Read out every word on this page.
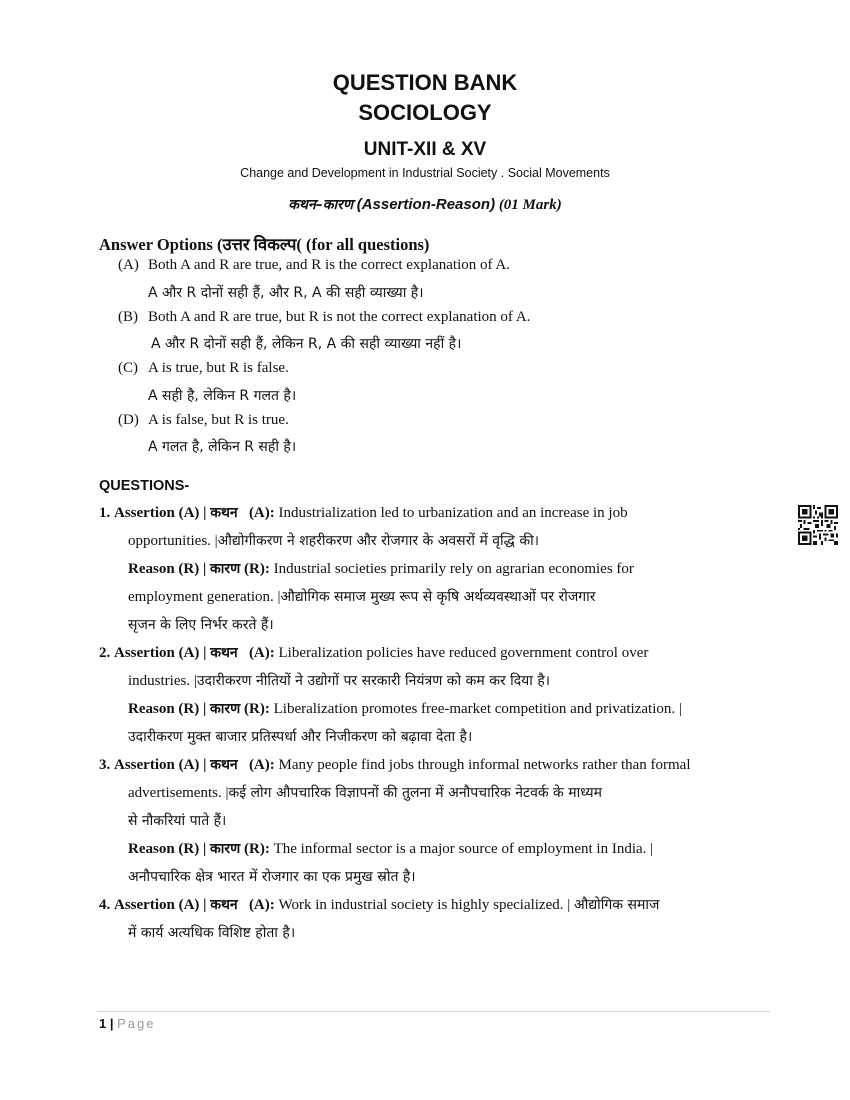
QUESTION BANK
SOCIOLOGY
UNIT-XII & XV
Change and Development in Industrial Society . Social Movements
कथन–कारण (Assertion-Reason) (01 Mark)
Answer Options (उत्तर विकल्प( (for all questions)
(A) Both A and R are true, and R is the correct explanation of A.
A और R दोनों सही हैं, और R, A की सही व्याख्या है।
(B) Both A and R are true, but R is not the correct explanation of A.
A और R दोनों सही हैं, लेकिन R, A की सही व्याख्या नहीं है।
(C) A is true, but R is false.
A सही है, लेकिन R गलत है।
(D) A is false, but R is true.
A गलत है, लेकिन R सही है।
QUESTIONS-
1. Assertion (A) | कथन (A): Industrialization led to urbanization and an increase in job
opportunities. |औद्योगीकरण ने शहरीकरण और रोजगार के अवसरों में वृद्धि की।
Reason (R) | कारण (R): Industrial societies primarily rely on agrarian economies for
employment generation. |औद्योगिक समाज मुख्य रूप से कृषि अर्थव्यवस्थाओं पर रोजगार
सृजन के लिए निर्भर करते हैं।
2. Assertion (A) | कथन (A): Liberalization policies have reduced government control over
industries. |उदारीकरण नीतियों ने उद्योगों पर सरकारी नियंत्रण को कम कर दिया है।
Reason (R) | कारण (R): Liberalization promotes free-market competition and privatization. |
उदारीकरण मुक्त बाजार प्रतिस्पर्धा और निजीकरण को बढ़ावा देता है।
3. Assertion (A) | कथन (A): Many people find jobs through informal networks rather than formal
advertisements. |कई लोग औपचारिक विज्ञापनों की तुलना में अनौपचारिक नेटवर्क के माध्यम
से नौकरियां पाते हैं।
Reason (R) | कारण (R): The informal sector is a major source of employment in India. |
अनौपचारिक क्षेत्र भारत में रोजगार का एक प्रमुख स्रोत है।
4. Assertion (A) | कथन (A): Work in industrial society is highly specialized. | औद्योगिक समाज
में कार्य अत्यधिक विशिष्ट होता है।
1 | Page
